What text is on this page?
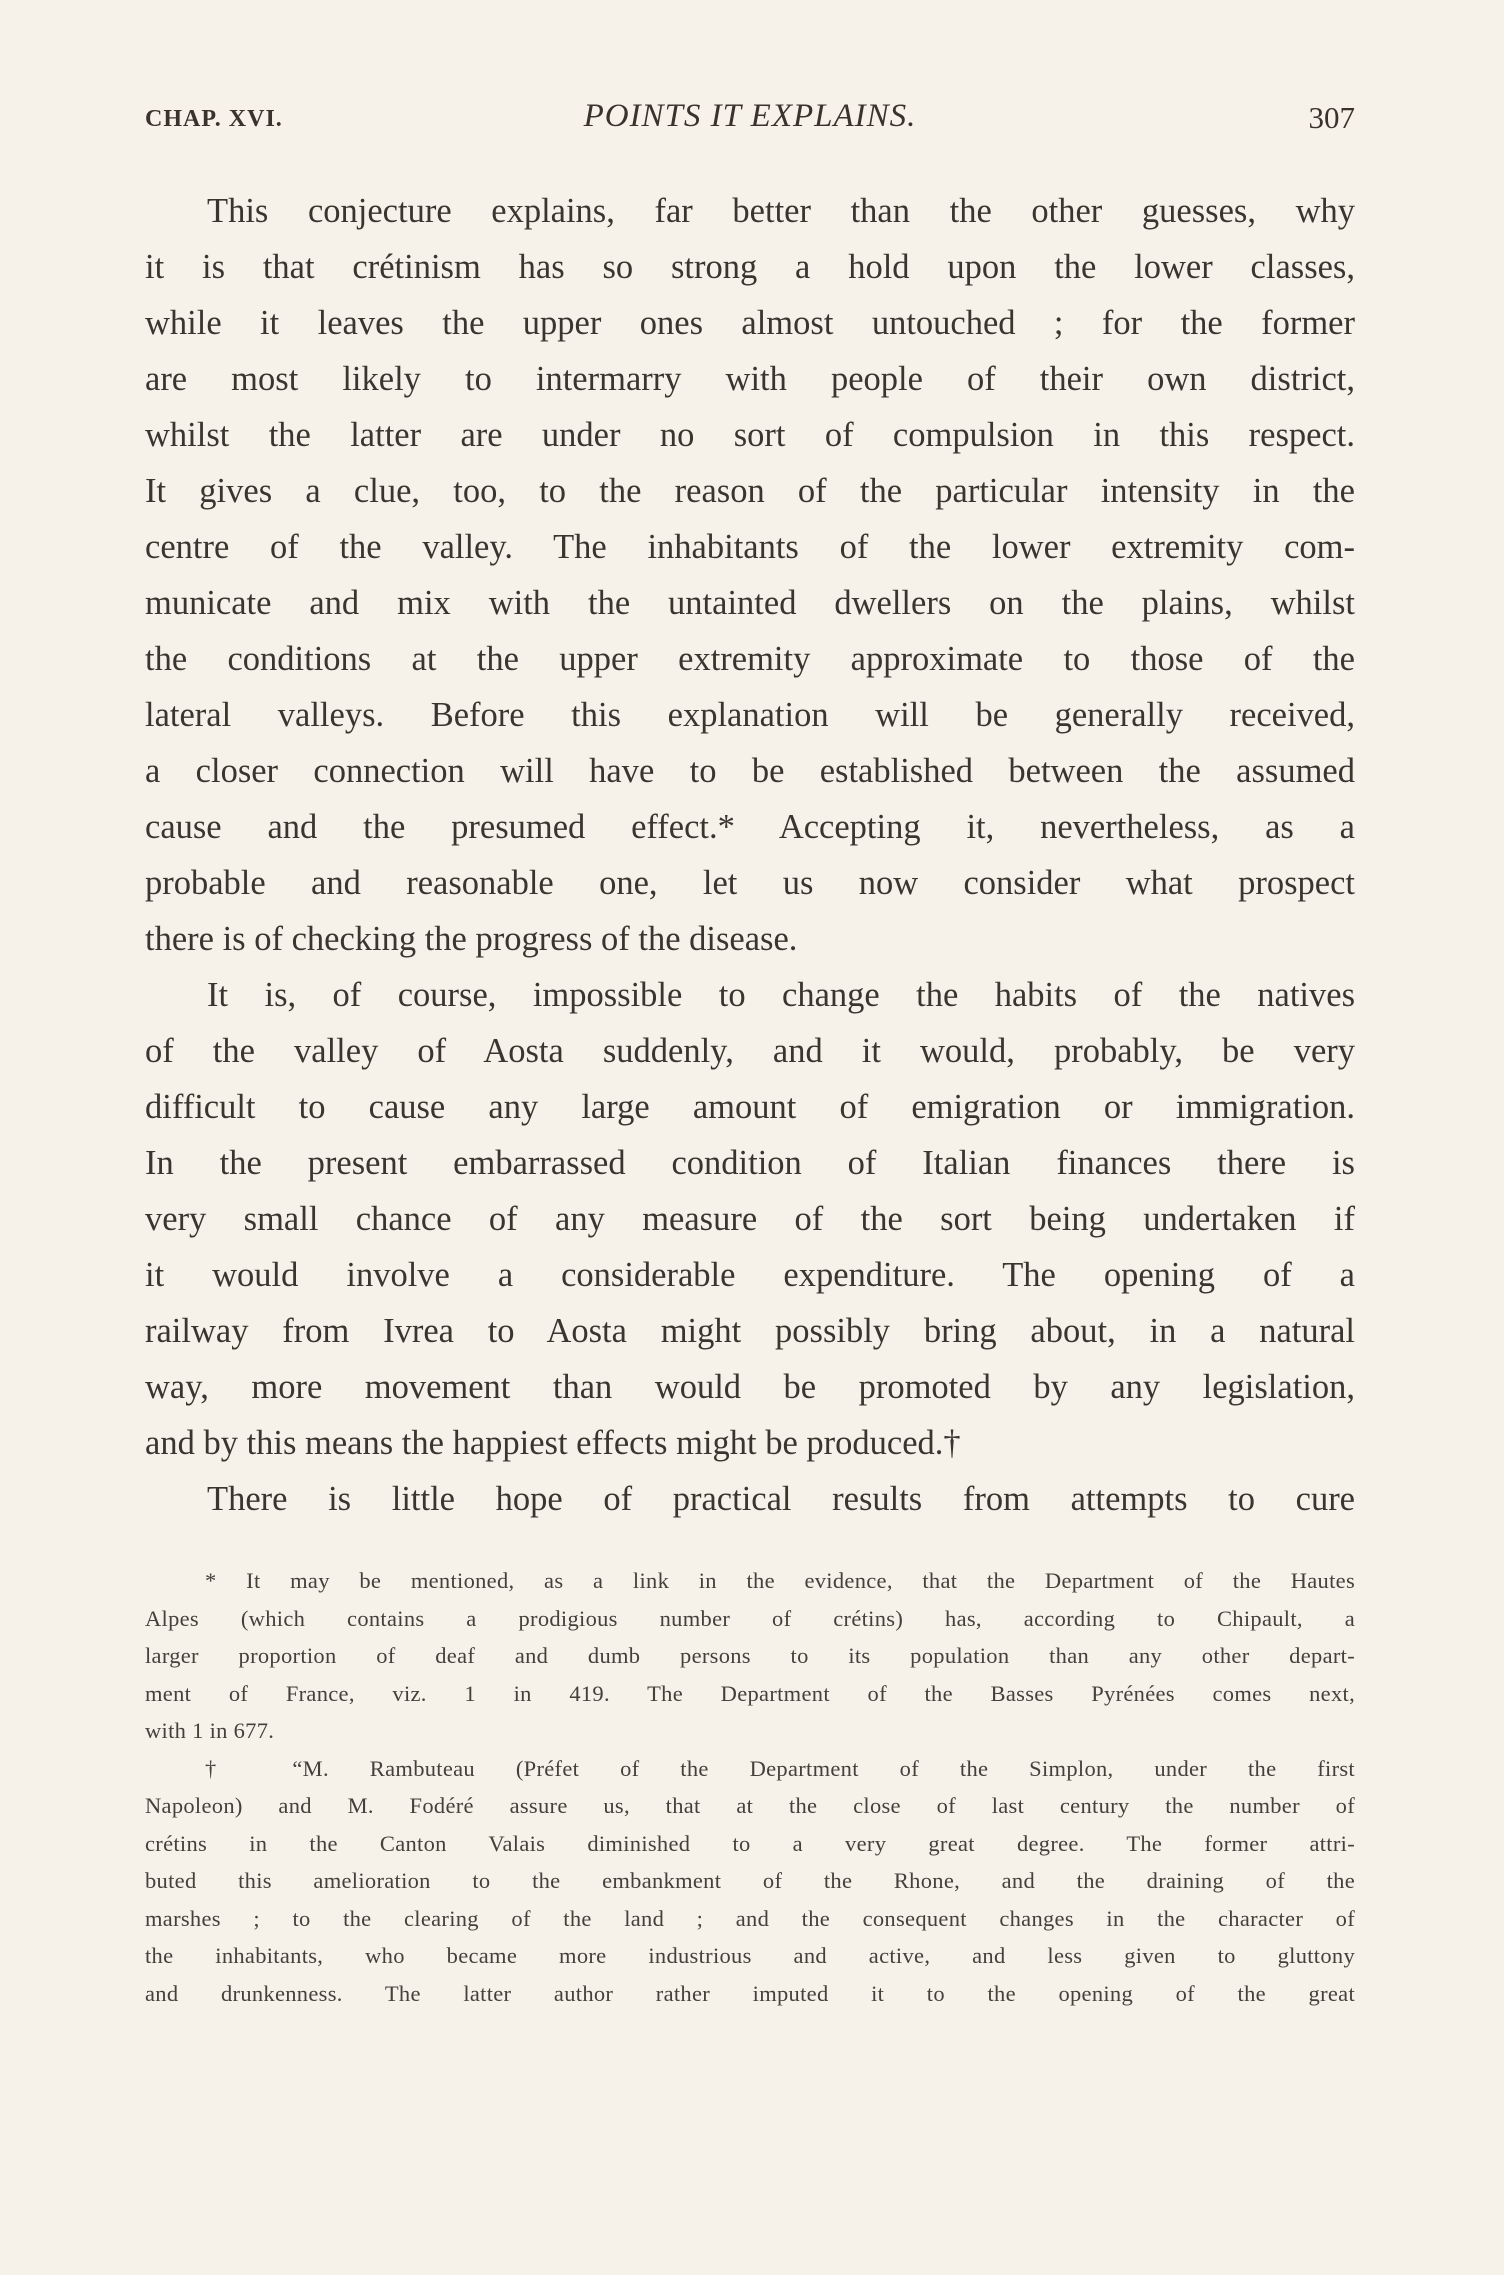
CHAP. XVI.	POINTS IT EXPLAINS.	307
This conjecture explains, far better than the other guesses, why
it is that crétinism has so strong a hold upon the lower classes,
while it leaves the upper ones almost untouched ; for the former
are most likely to intermarry with people of their own district,
whilst the latter are under no sort of compulsion in this respect.
It gives a clue, too, to the reason of the particular intensity in the
centre of the valley. The inhabitants of the lower extremity com-
municate and mix with the untainted dwellers on the plains, whilst
the conditions at the upper extremity approximate to those of the
lateral valleys. Before this explanation will be generally received,
a closer connection will have to be established between the assumed
cause and the presumed effect.* Accepting it, nevertheless, as a
probable and reasonable one, let us now consider what prospect
there is of checking the progress of the disease.
It is, of course, impossible to change the habits of the natives
of the valley of Aosta suddenly, and it would, probably, be very
difficult to cause any large amount of emigration or immigration.
In the present embarrassed condition of Italian finances there is
very small chance of any measure of the sort being undertaken if
it would involve a considerable expenditure. The opening of a
railway from Ivrea to Aosta might possibly bring about, in a natural
way, more movement than would be promoted by any legislation,
and by this means the happiest effects might be produced.†
There is little hope of practical results from attempts to cure
* It may be mentioned, as a link in the evidence, that the Department of the Hautes
Alpes (which contains a prodigious number of crétins) has, according to Chipault, a
larger proportion of deaf and dumb persons to its population than any other depart-
ment of France, viz. 1 in 419. The Department of the Basses Pyrénées comes next,
with 1 in 677.
† “M. Rambuteau (Préfet of the Department of the Simplon, under the first
Napoleon) and M. Fodéré assure us, that at the close of last century the number of
crétins in the Canton Valais diminished to a very great degree. The former attri-
buted this amelioration to the embankment of the Rhone, and the draining of the
marshes ; to the clearing of the land ; and the consequent changes in the character of
the inhabitants, who became more industrious and active, and less given to gluttony
and drunkenness. The latter author rather imputed it to the opening of the great
